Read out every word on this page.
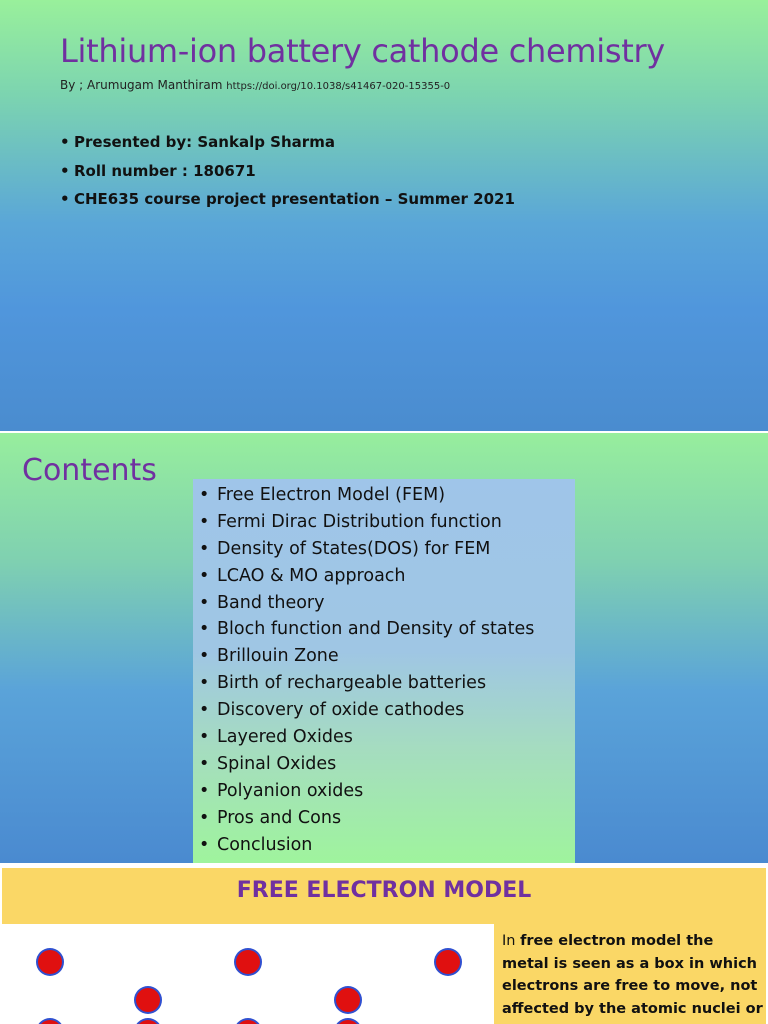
Lithium-ion battery cathode chemistry
By ; Arumugam Manthiram https://doi.org/10.1038/s41467-020-15355-0
• Presented by: Sankalp Sharma
• Roll number : 180671
• CHE635 course project presentation – Summer 2021
Contents
• Free Electron Model (FEM)
• Fermi Dirac Distribution function
• Density of States(DOS) for FEM
• LCAO & MO approach
• Band theory
• Bloch function and Density of states
• Brillouin Zone
• Birth of rechargeable batteries
• Discovery of oxide cathodes
• Layered Oxides
• Spinal Oxides
• Polyanion oxides
• Pros and Cons
• Conclusion
FREE ELECTRON MODEL
In free electron model the metal is seen as a box in which electrons are free to move, not affected by the atomic nuclei or
